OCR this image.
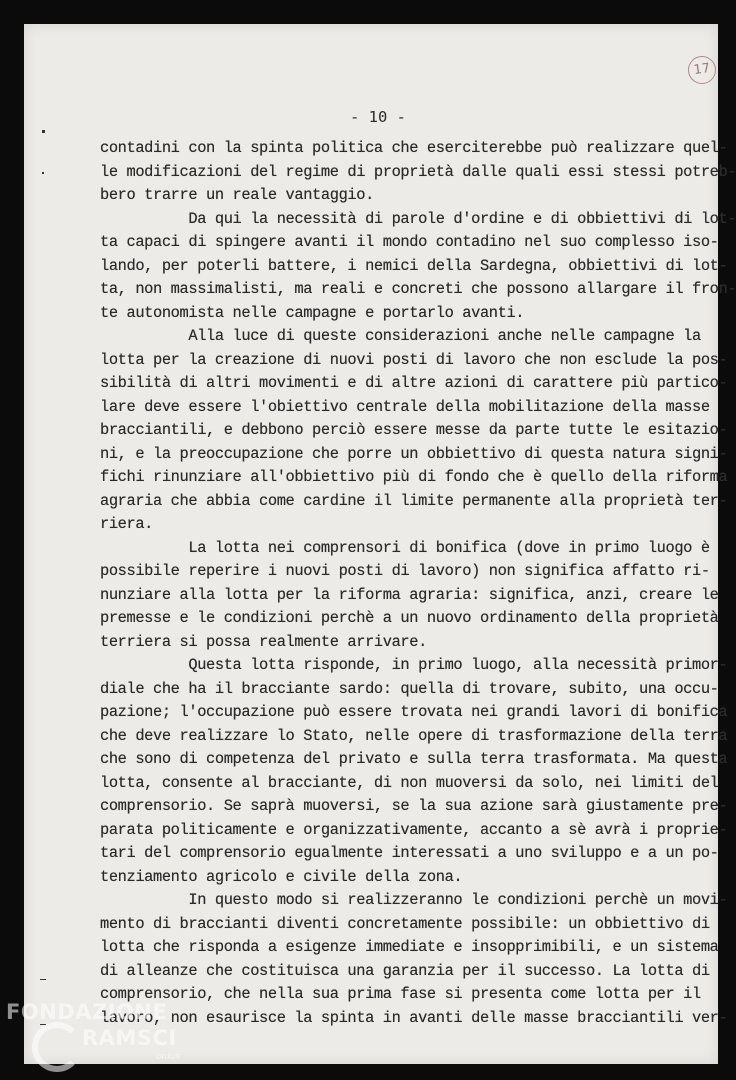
17
- 10 -
contadini con la spinta politica che eserciterebbe può realizzare quel-
le modificazioni del regime di proprietà dalle quali essi stessi potreb-
bero trarre un reale vantaggio.
Da qui la necessità di parole d'ordine e di obbiettivi di lot-
ta capaci di spingere avanti il mondo contadino nel suo complesso iso-
lando, per poterli battere, i nemici della Sardegna, obbiettivi di lot-
ta, non massimalisti, ma reali e concreti che possono allargare il fron-
te autonomista nelle campagne e portarlo avanti.
Alla luce di queste considerazioni anche nelle campagne la
lotta per la creazione di nuovi posti di lavoro che non esclude la pos-
sibilità di altri movimenti e di altre azioni di carattere più partico-
lare deve essere l'obiettivo centrale della mobilitazione della masse
bracciantili, e debbono perciò essere messe da parte tutte le esitazio-
ni, e la preoccupazione che porre un obbiettivo di questa natura signi-
fichi rinunziare all'obbiettivo più di fondo che è quello della riforma
agraria che abbia come cardine il limite permanente alla proprietà ter-
riera.
La lotta nei comprensori di bonifica (dove in primo luogo è
possibile reperire i nuovi posti di lavoro) non significa affatto ri-
nunziare alla lotta per la riforma agraria: significa, anzi, creare le
premesse e le condizioni perchè a un nuovo ordinamento della proprietà
terriera si possa realmente arrivare.
Questa lotta risponde, in primo luogo, alla necessità primor-
diale che ha il bracciante sardo: quella di trovare, subito, una occu-
pazione; l'occupazione può essere trovata nei grandi lavori di bonifica
che deve realizzare lo Stato, nelle opere di trasformazione della terra
che sono di competenza del privato e sulla terra trasformata. Ma questa
lotta, consente al bracciante, di non muoversi da solo, nei limiti del
comprensorio. Se saprà muoversi, se la sua azione sarà giustamente pre-
parata politicamente e organizzativamente, accanto a sè avrà i proprie-
tari del comprensorio egualmente interessati a uno sviluppo e a un po-
tenziamento agricolo e civile della zona.
In questo modo si realizzeranno le condizioni perchè un movi-
mento di braccianti diventi concretamente possibile: un obbiettivo di
lotta che risponda a esigenze immediate e insopprimibili, e un sistema
di alleanze che costituisca una garanzia per il successo. La lotta di
comprensorio, che nella sua prima fase si presenta come lotta per il
lavoro, non esaurisce la spinta in avanti delle masse bracciantili ver-
FONDAZIONE
RAMSCI
onlus
